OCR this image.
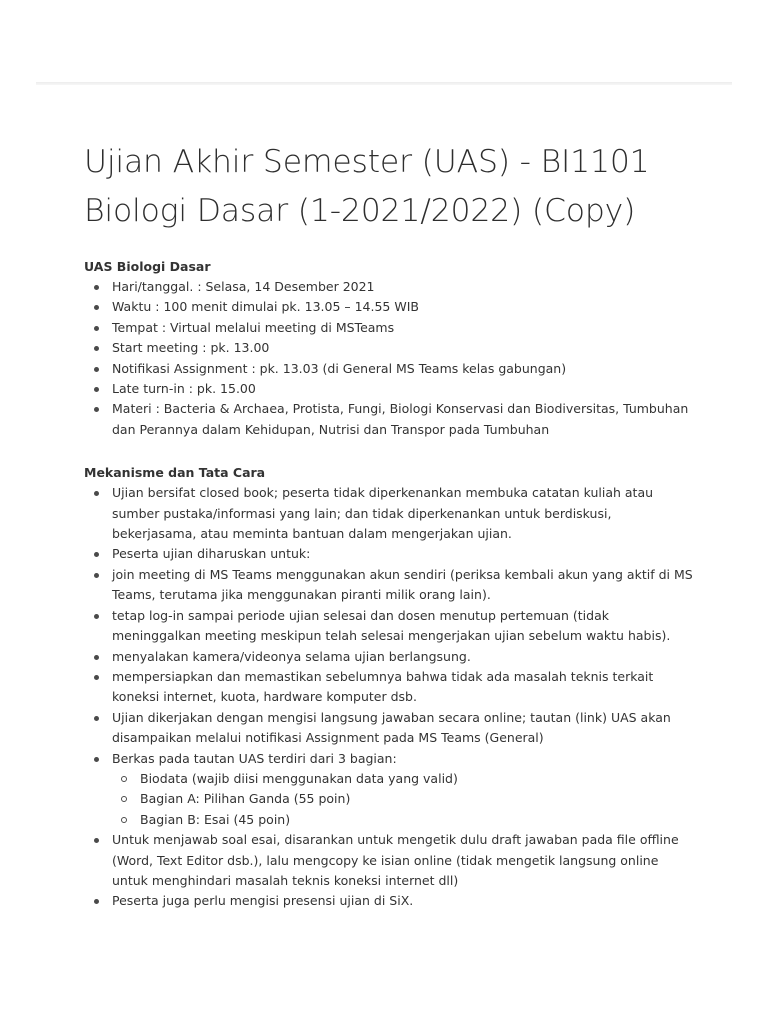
Ujian Akhir Semester (UAS) - BI1101
Biologi Dasar (1-2021/2022) (Copy)

UAS Biologi Dasar

Hari/tanggal. : Selasa, 14 Desember 2021
Waktu : 100 menit dimulai pk. 13.05 – 14.55 WIB
Tempat : Virtual melalui meeting di MSTeams
Start meeting : pk. 13.00
Notifikasi Assignment : pk. 13.03 (di General MS Teams kelas gabungan)
Late turn-in : pk. 15.00
Materi : Bacteria & Archaea, Protista, Fungi, Biologi Konservasi dan Biodiversitas, Tumbuhan dan Perannya dalam Kehidupan, Nutrisi dan Transpor pada Tumbuhan

Mekanisme dan Tata Cara

Ujian bersifat closed book; peserta tidak diperkenankan membuka catatan kuliah atau sumber pustaka/informasi yang lain; dan tidak diperkenankan untuk berdiskusi, bekerjasama, atau meminta bantuan dalam mengerjakan ujian.
Peserta ujian diharuskan untuk:
join meeting di MS Teams menggunakan akun sendiri (periksa kembali akun yang aktif di MS Teams, terutama jika menggunakan piranti milik orang lain).
tetap log-in sampai periode ujian selesai dan dosen menutup pertemuan (tidak meninggalkan meeting meskipun telah selesai mengerjakan ujian sebelum waktu habis).
menyalakan kamera/videonya selama ujian berlangsung.
mempersiapkan dan memastikan sebelumnya bahwa tidak ada masalah teknis terkait koneksi internet, kuota, hardware komputer dsb.
Ujian dikerjakan dengan mengisi langsung jawaban secara online; tautan (link) UAS akan disampaikan melalui notifikasi Assignment pada MS Teams (General)
Berkas pada tautan UAS terdiri dari 3 bagian:
Biodata (wajib diisi menggunakan data yang valid)
Bagian A: Pilihan Ganda (55 poin)
Bagian B: Esai (45 poin)
Untuk menjawab soal esai, disarankan untuk mengetik dulu draft jawaban pada file offline (Word, Text Editor dsb.), lalu mengcopy ke isian online (tidak mengetik langsung online untuk menghindari masalah teknis koneksi internet dll)
Peserta juga perlu mengisi presensi ujian di SiX.
